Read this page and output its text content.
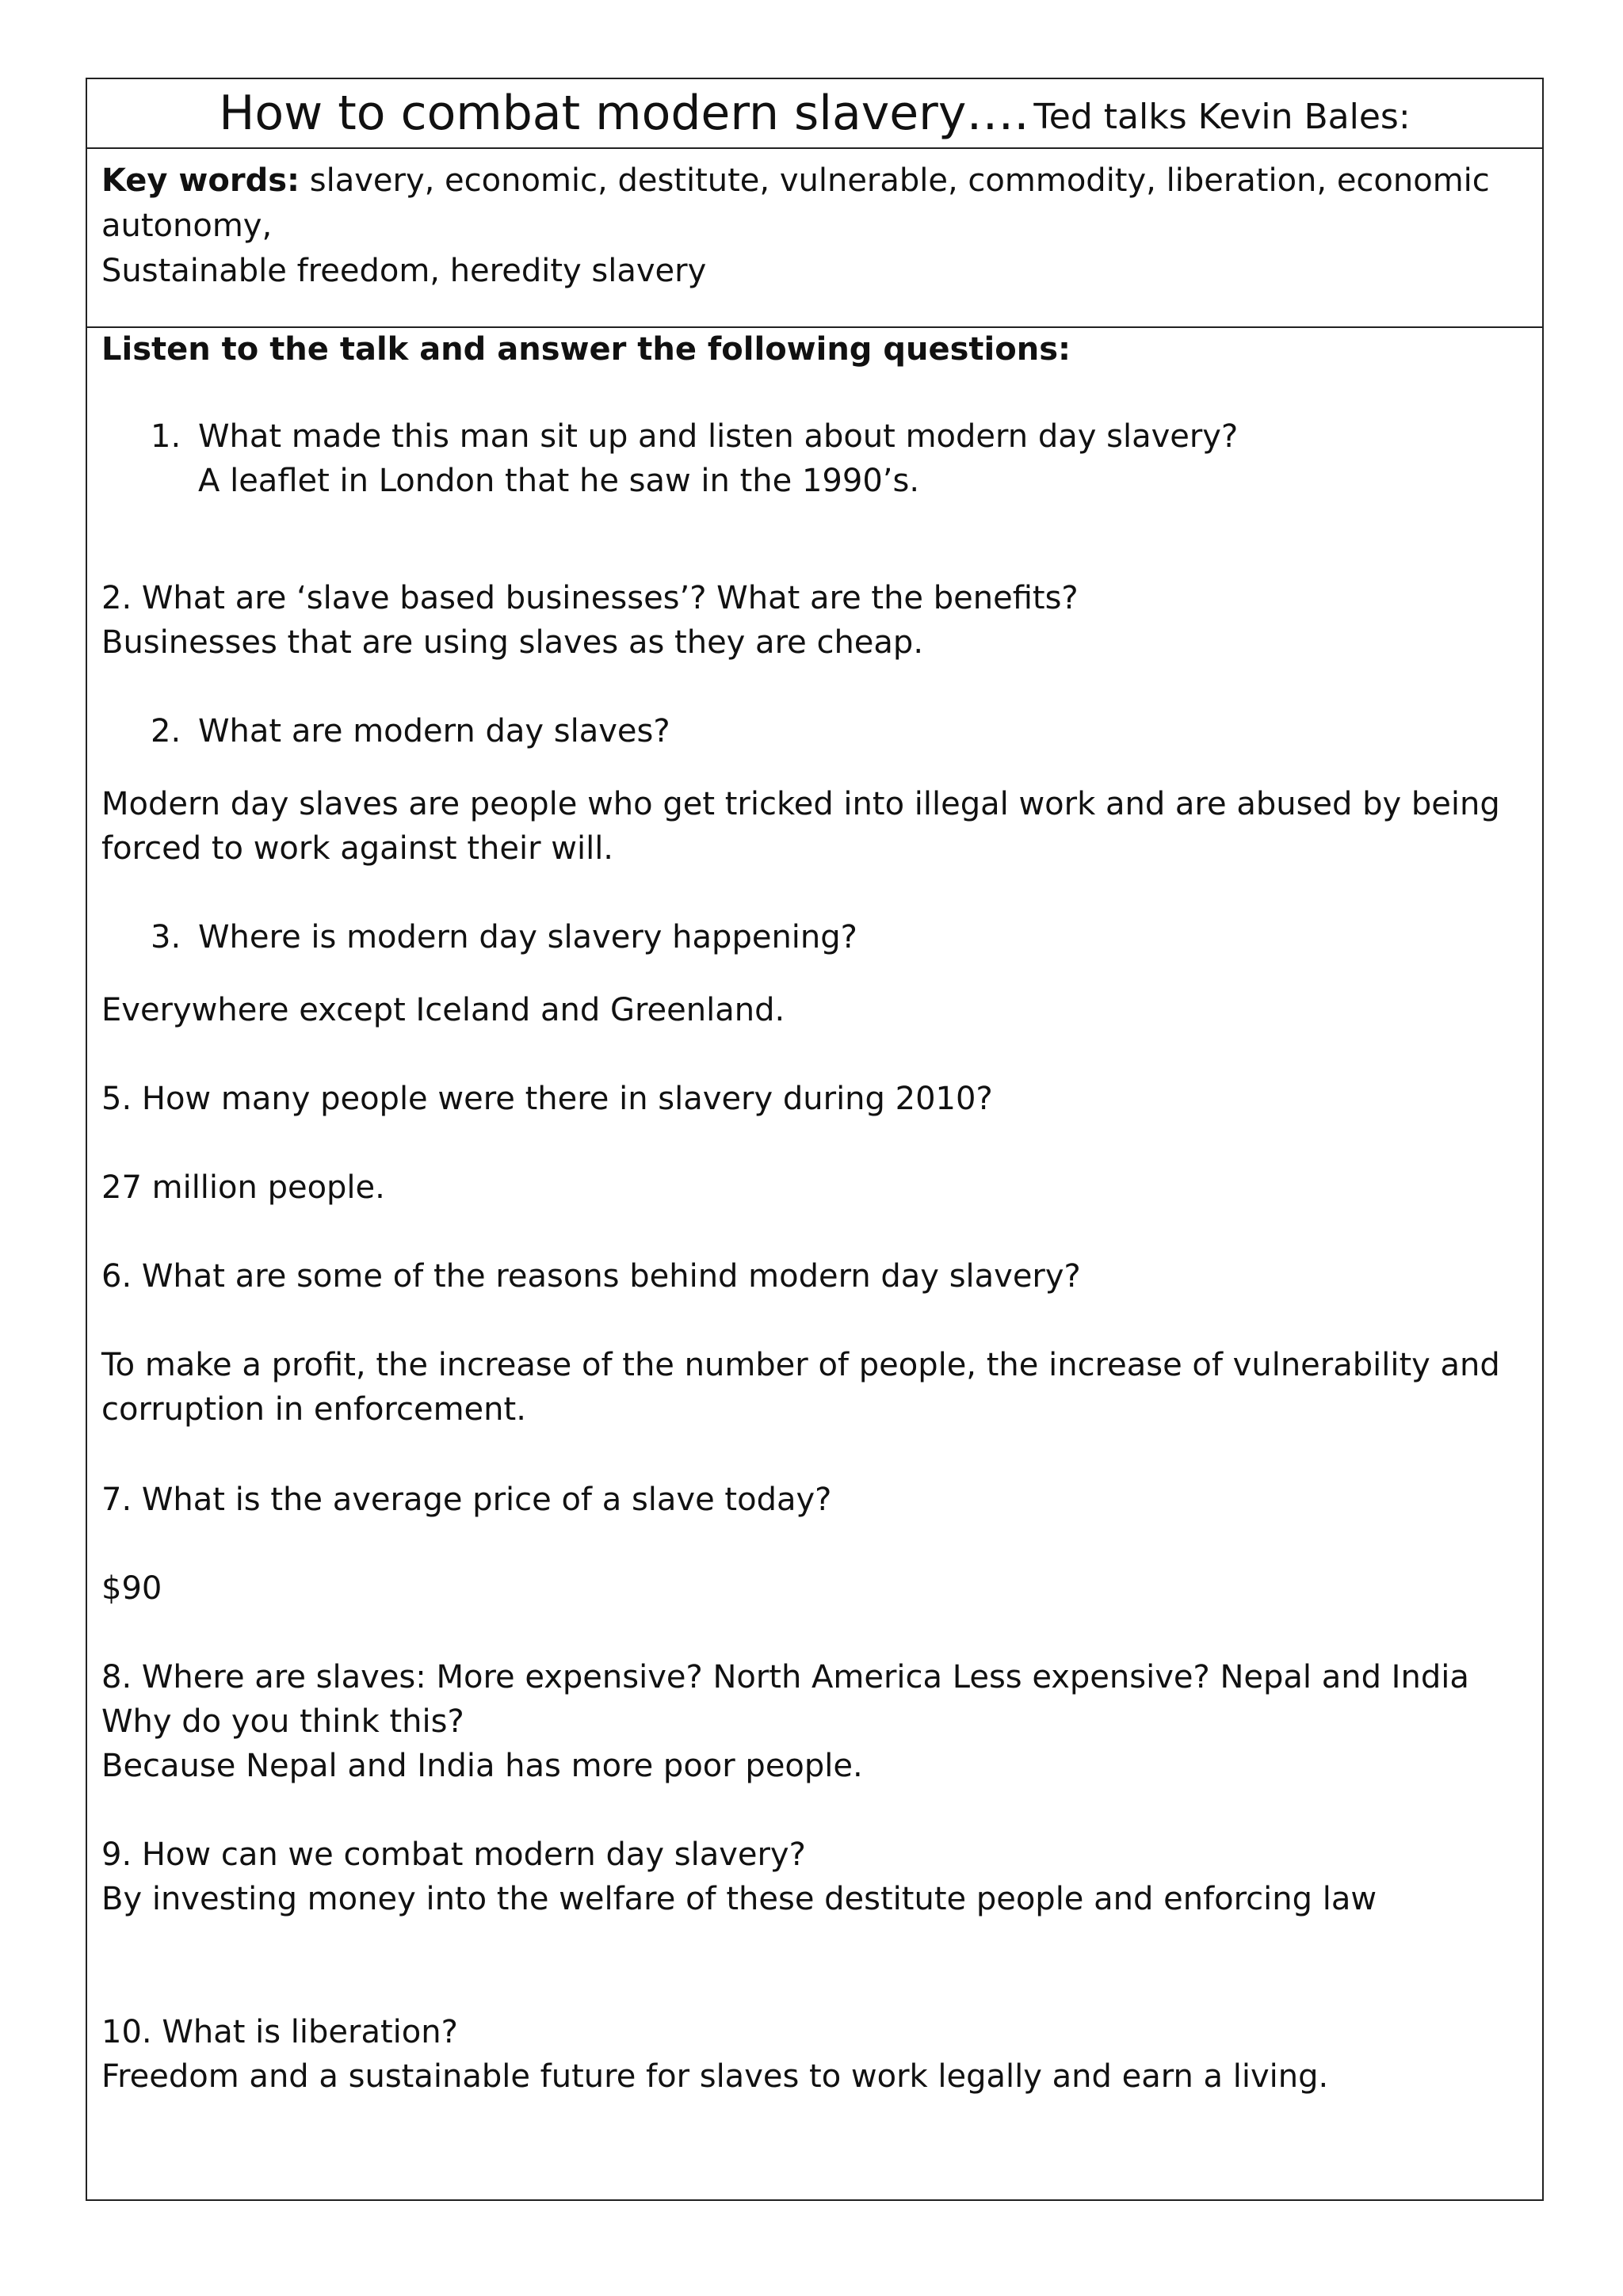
How to combat modern slavery…. Ted talks Kevin Bales:
Key words: slavery, economic, destitute, vulnerable, commodity, liberation, economic
autonomy,
Sustainable freedom, heredity slavery
Listen to the talk and answer the following questions:
1. What made this man sit up and listen about modern day slavery?
A leaflet in London that he saw in the 1990’s.
2. What are ‘slave based businesses’? What are the benefits?
Businesses that are using slaves as they are cheap.
2. What are modern day slaves?
Modern day slaves are people who get tricked into illegal work and are abused by being
forced to work against their will.
3. Where is modern day slavery happening?
Everywhere except Iceland and Greenland.
5. How many people were there in slavery during 2010?
27 million people.
6. What are some of the reasons behind modern day slavery?
To make a profit, the increase of the number of people, the increase of vulnerability and
corruption in enforcement.
7. What is the average price of a slave today?
$90
8. Where are slaves: More expensive? North America Less expensive? Nepal and India
Why do you think this?
Because Nepal and India has more poor people.
9. How can we combat modern day slavery?
By investing money into the welfare of these destitute people and enforcing law
10. What is liberation?
Freedom and a sustainable future for slaves to work legally and earn a living.
